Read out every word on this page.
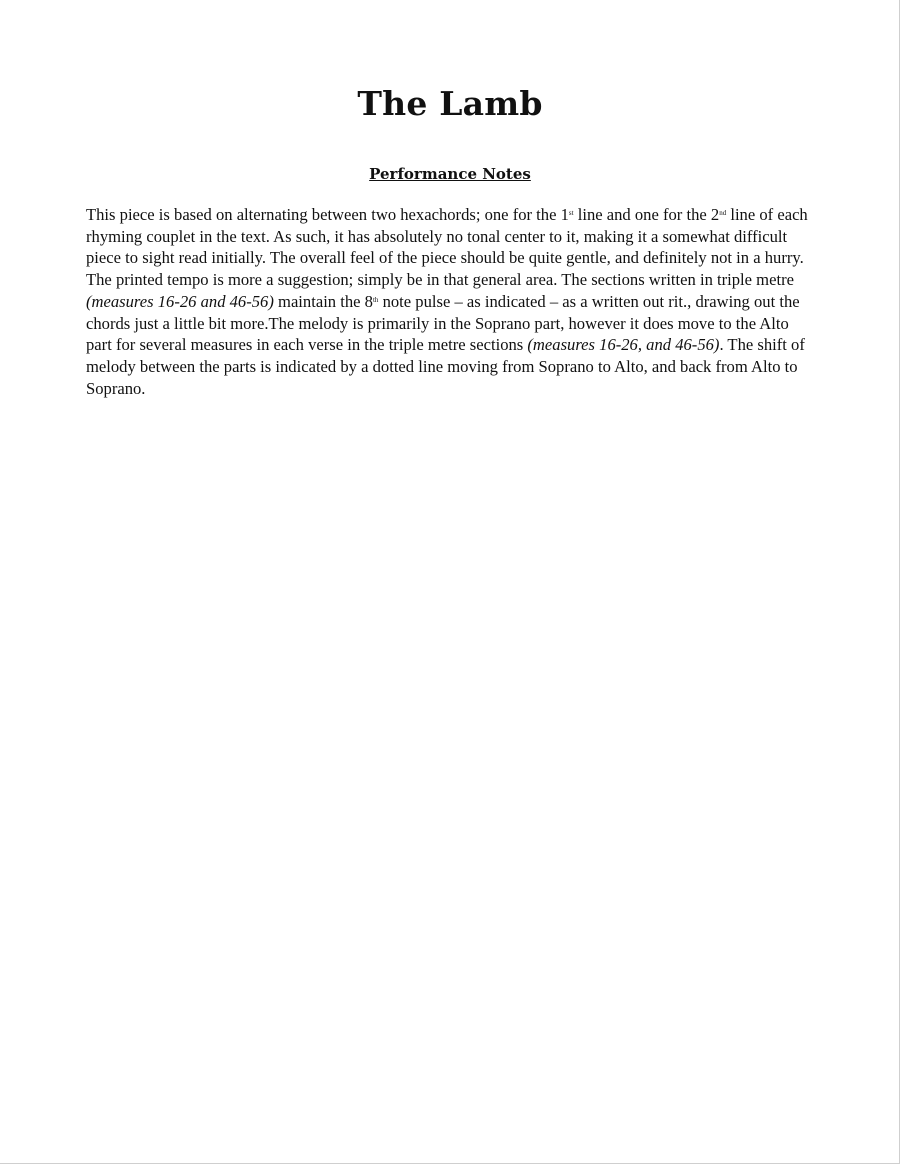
The Lamb
Performance Notes

This piece is based on alternating between two hexachords; one for the 1st line and one for the 2nd line of each rhyming couplet in the text. As such, it has absolutely no tonal center to it, making it a somewhat difficult piece to sight read initially. The overall feel of the piece should be quite gentle, and definitely not in a hurry. The printed tempo is more a suggestion; simply be in that general area. The sections written in triple metre (measures 16-26 and 46-56) maintain the 8th note pulse – as indicated – as a written out rit., drawing out the chords just a little bit more.The melody is primarily in the Soprano part, however it does move to the Alto part for several measures in each verse in the triple metre sections (measures 16-26, and 46-56). The shift of melody between the parts is indicated by a dotted line moving from Soprano to Alto, and back from Alto to Soprano.
